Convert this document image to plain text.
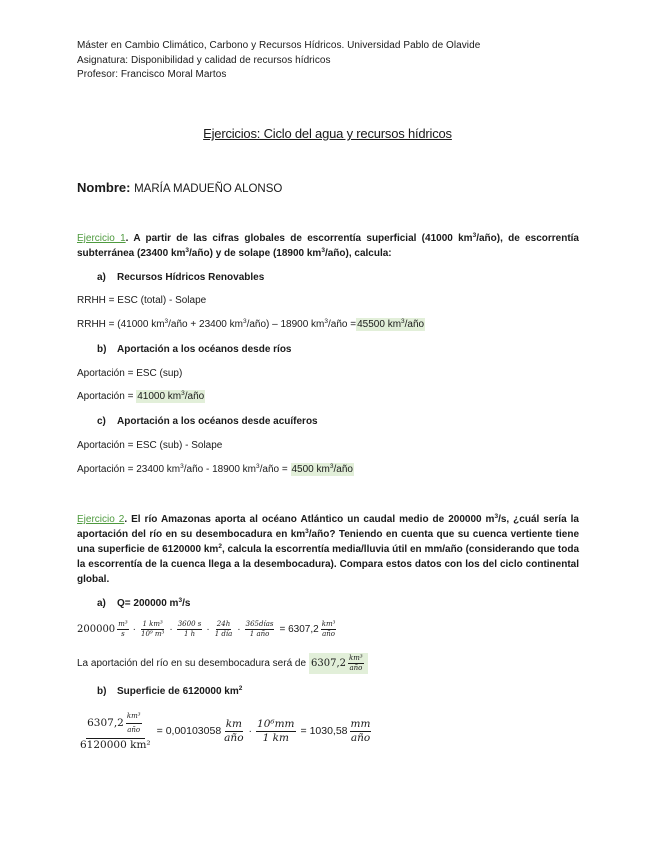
Máster en Cambio Climático, Carbono y Recursos Hídricos. Universidad Pablo de Olavide
Asignatura: Disponibilidad y calidad de recursos hídricos
Profesor: Francisco Moral Martos
Ejercicios: Ciclo del agua y recursos hídricos
Nombre: MARÍA MADUEÑO ALONSO
Ejercicio 1. A partir de las cifras globales de escorrentía superficial (41000 $km^3/año$), de escorrentía subterránea (23400 $km^3/año$) y de solape (18900 $km^3/año$), calcula:
a) Recursos Hídricos Renovables
RRHH = ESC (total) - Solape
RRHH = (41000 $km^3$/año + 23400 $km^3/año) - 18900$ $km^3$/año =45500 $km^3$/año
b) Aportación a los océanos desde ríos
Aportación = ESC (sup)
Aportación = 41000 $km^3$/año
c) Aportación a los océanos desde acuíferos
Aportación = ESC (sub) - Solape
Aportación = 23400 $km^3$/año - 18900 $km^3$/año = 4500 $km^3$/año
Ejercicio 2. El río Amazonas aporta al océano Atlántico un caudal medio de 200000 $m^3/s$, ¿cuál sería la aportación del río en su desembocadura en $km^3$/año? Teniendo en cuenta que su cuenca vertiente tiene una superficie de 6120000 $km^2$, calcula la escorrentía media/lluvia útil en mm/año (considerando que toda la escorrentía de la cuenca llega a la desembocadura). Compara estos datos con los del ciclo continental global.
a) Q= 200000 $m^3/s$
$200000 \frac{\text{m³}}{s} \cdot \frac{\text{1 km³}}{\text{10⁹ m³}} \cdot \frac{3600 s}{1 h} \cdot \frac{24h}{\text{1 día}} \cdot \frac{\text{365días}}{\text{1 año}} = 6307,2 \frac{\text{km³}}{\text{año}}$
La aportación del río en su desembocadura será de $6307,2 \frac{\text{km³}}{\text{año}}$
b) Superficie de 6120000 $km^2$
$\frac{6307,2 \frac{\text{km³}}{\text{año}}}{\text{6120000 km²}} = 0,00103058 \frac{km}{\text{año}} \cdot \frac{\text{10⁶mm}}{1 km} = 1030,58 \frac{mm}{\text{año}}$
